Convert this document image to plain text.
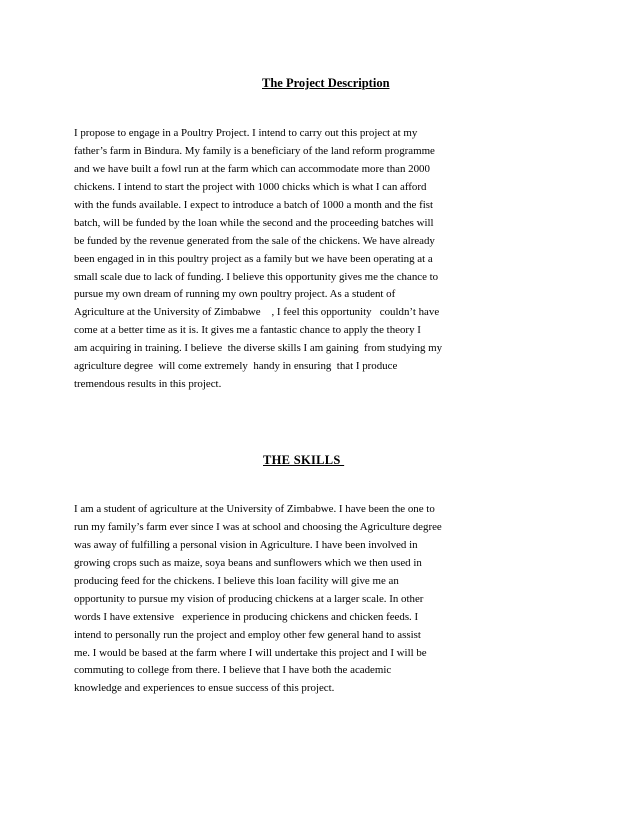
The Project Description
I propose to engage in a Poultry Project. I intend to carry out this project at my
father’s farm in Bindura. My family is a beneficiary of the land reform programme
and we have built a fowl run at the farm which can accommodate more than 2000
chickens. I intend to start the project with 1000 chicks which is what I can afford
with the funds available. I expect to introduce a batch of 1000 a month and the fist
batch, will be funded by the loan while the second and the proceeding batches will
be funded by the revenue generated from the sale of the chickens. We have already
been engaged in in this poultry project as a family but we have been operating at a
small scale due to lack of funding. I believe this opportunity gives me the chance to
pursue my own dream of running my own poultry project. As a student of
Agriculture at the University of Zimbabwe    , I feel this opportunity   couldn’t have
come at a better time as it is. It gives me a fantastic chance to apply the theory I
am acquiring in training. I believe  the diverse skills I am gaining  from studying my
agriculture degree  will come extremely  handy in ensuring  that I produce
tremendous results in this project.
THE SKILLS
I am a student of agriculture at the University of Zimbabwe. I have been the one to
run my family’s farm ever since I was at school and choosing the Agriculture degree
was away of fulfilling a personal vision in Agriculture. I have been involved in
growing crops such as maize, soya beans and sunflowers which we then used in
producing feed for the chickens. I believe this loan facility will give me an
opportunity to pursue my vision of producing chickens at a larger scale. In other
words I have extensive   experience in producing chickens and chicken feeds. I
intend to personally run the project and employ other few general hand to assist
me. I would be based at the farm where I will undertake this project and I will be
commuting to college from there. I believe that I have both the academic
knowledge and experiences to ensue success of this project.
